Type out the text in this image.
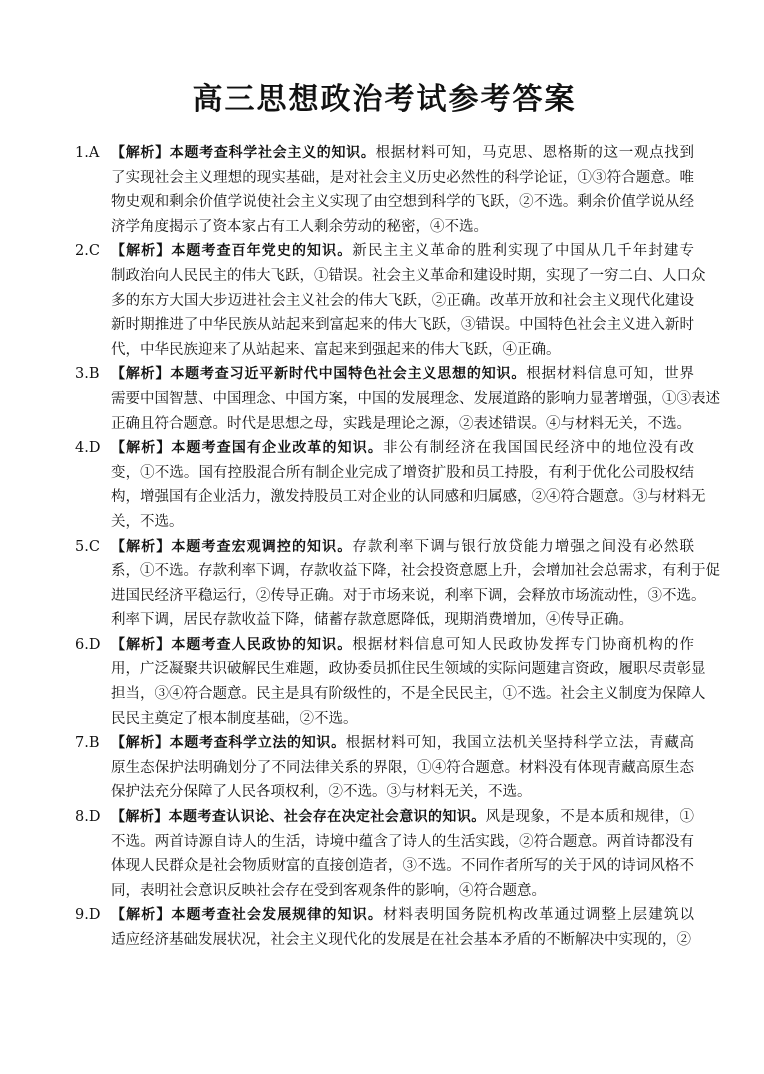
高三思想政治考试参考答案
1.A 【解析】本题考查科学社会主义的知识。根据材料可知，马克思、恩格斯的这一观点找到
了实现社会主义理想的现实基础，是对社会主义历史必然性的科学论证，①③符合题意。唯
物史观和剩余价值学说使社会主义实现了由空想到科学的飞跃，②不选。剩余价值学说从经
济学角度揭示了资本家占有工人剩余劳动的秘密，④不选。
2.C 【解析】本题考查百年党史的知识。新民主主义革命的胜利实现了中国从几千年封建专
制政治向人民民主的伟大飞跃，①错误。社会主义革命和建设时期，实现了一穷二白、人口众
多的东方大国大步迈进社会主义社会的伟大飞跃，②正确。改革开放和社会主义现代化建设
新时期推进了中华民族从站起来到富起来的伟大飞跃，③错误。中国特色社会主义进入新时
代，中华民族迎来了从站起来、富起来到强起来的伟大飞跃，④正确。
3.B 【解析】本题考查习近平新时代中国特色社会主义思想的知识。根据材料信息可知，世界
需要中国智慧、中国理念、中国方案，中国的发展理念、发展道路的影响力显著增强，①③表述
正确且符合题意。时代是思想之母，实践是理论之源，②表述错误。④与材料无关，不选。
4.D 【解析】本题考查国有企业改革的知识。非公有制经济在我国国民经济中的地位没有改
变，①不选。国有控股混合所有制企业完成了增资扩股和员工持股，有利于优化公司股权结
构，增强国有企业活力，激发持股员工对企业的认同感和归属感，②④符合题意。③与材料无
关，不选。
5.C 【解析】本题考查宏观调控的知识。存款利率下调与银行放贷能力增强之间没有必然联
系，①不选。存款利率下调，存款收益下降，社会投资意愿上升，会增加社会总需求，有利于促
进国民经济平稳运行，②传导正确。对于市场来说，利率下调，会释放市场流动性，③不选。
利率下调，居民存款收益下降，储蓄存款意愿降低，现期消费增加，④传导正确。
6.D 【解析】本题考查人民政协的知识。根据材料信息可知人民政协发挥专门协商机构的作
用，广泛凝聚共识破解民生难题，政协委员抓住民生领域的实际问题建言资政，履职尽责彰显
担当，③④符合题意。民主是具有阶级性的，不是全民民主，①不选。社会主义制度为保障人
民民主奠定了根本制度基础，②不选。
7.B 【解析】本题考查科学立法的知识。根据材料可知，我国立法机关坚持科学立法，青藏高
原生态保护法明确划分了不同法律关系的界限，①④符合题意。材料没有体现青藏高原生态
保护法充分保障了人民各项权利，②不选。③与材料无关，不选。
8.D 【解析】本题考查认识论、社会存在决定社会意识的知识。风是现象，不是本质和规律，①
不选。两首诗源自诗人的生活，诗境中蕴含了诗人的生活实践，②符合题意。两首诗都没有
体现人民群众是社会物质财富的直接创造者，③不选。不同作者所写的关于风的诗词风格不
同，表明社会意识反映社会存在受到客观条件的影响，④符合题意。
9.D 【解析】本题考查社会发展规律的知识。材料表明国务院机构改革通过调整上层建筑以
适应经济基础发展状况，社会主义现代化的发展是在社会基本矛盾的不断解决中实现的，②
